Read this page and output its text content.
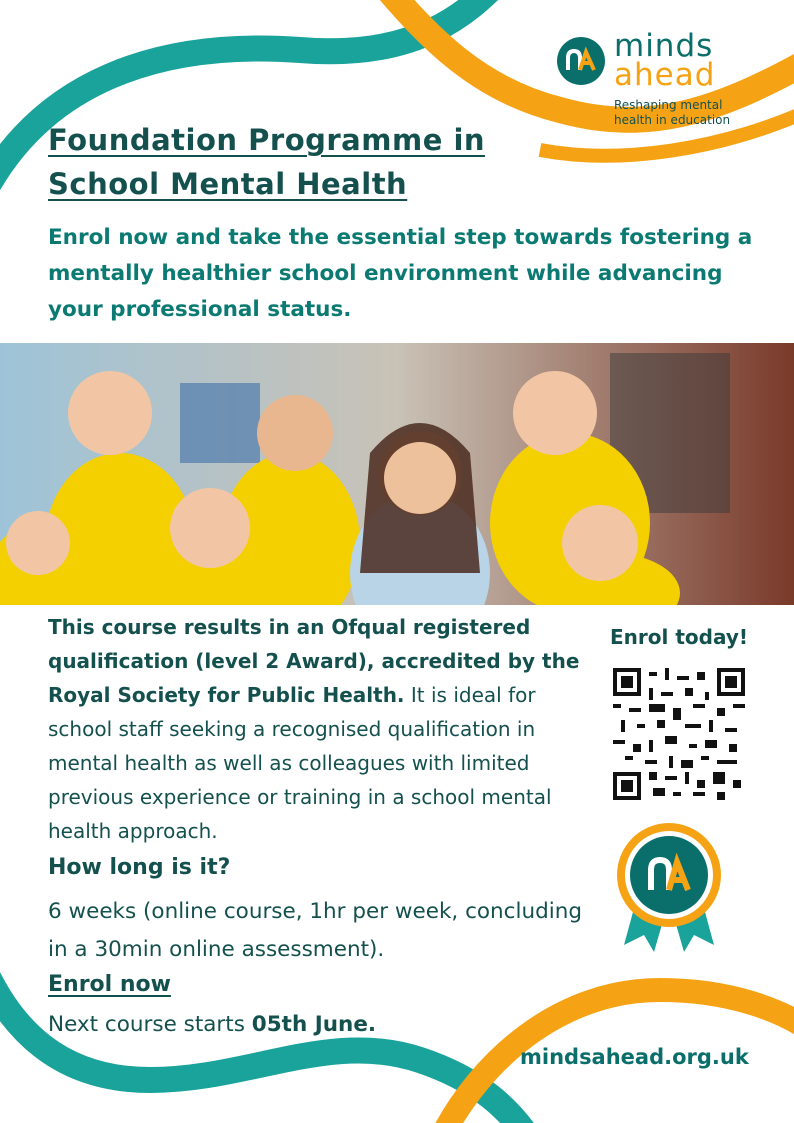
minds
ahead
Reshaping mental health in education
Foundation Programme in
School Mental Health
Enrol now and take the essential step towards fostering a mentally healthier school environment while advancing your professional status.
This course results in an Ofqual registered qualification (level 2 Award), accredited by the Royal Society for Public Health. It is ideal for school staff seeking a recognised qualification in mental health as well as colleagues with limited previous experience or training in a school mental health approach.
How long is it?
6 weeks (online course, 1hr per week, concluding in a 30min online assessment).
Enrol now
Next course starts 05th June.
Enrol today!
mindsahead.org.uk
